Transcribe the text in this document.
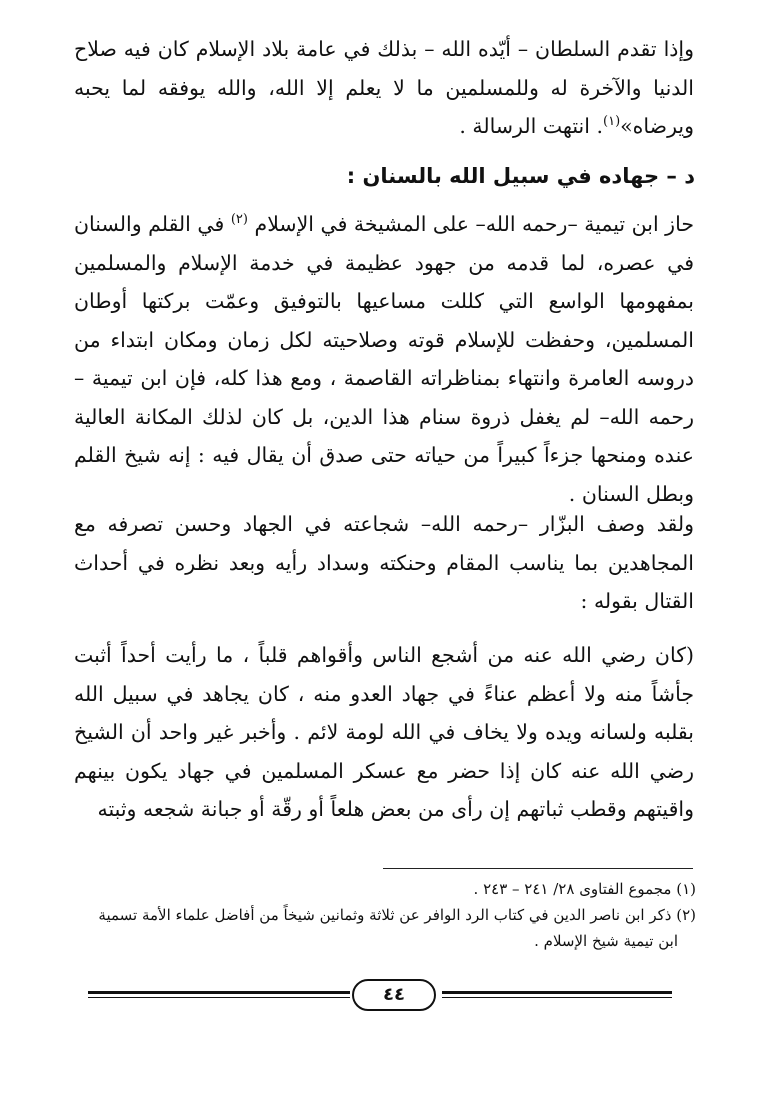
وإذا تقدم السلطان – أيّده الله – بذلك في عامة بلاد الإسلام كان فيه صلاح الدنيا والآخرة له وللمسلمين ما لا يعلم إلا الله، والله يوفقه لما يحبه ويرضاه»$^{(١)}$. انتهت الرسالة .
د – جهاده في سبيل الله بالسنان :
حاز ابن تيمية –رحمه الله– على المشيخة في الإسلام $^{(٢)}$ في القلم والسنان في عصره، لما قدمه من جهود عظيمة في خدمة الإسلام والمسلمين بمفهومها الواسع التي كللت مساعيها بالتوفيق وعمّت بركتها أوطان المسلمين، وحفظت للإسلام قوته وصلاحيته لكل زمان ومكان ابتداء من دروسه العامرة وانتهاء بمناظراته القاصمة ، ومع هذا كله، فإن ابن تيمية –رحمه الله– لم يغفل ذروة سنام هذا الدين، بل كان لذلك المكانة العالية عنده ومنحها جزءاً كبيراً من حياته حتى صدق أن يقال فيه : إنه شيخ القلم وبطل السنان .
ولقد وصف البزّار –رحمه الله– شجاعته في الجهاد وحسن تصرفه مع المجاهدين بما يناسب المقام وحنكته وسداد رأيه وبعد نظره في أحداث القتال بقوله :
(كان رضي الله عنه من أشجع الناس وأقواهم قلباً ، ما رأيت أحداً أثبت جأشاً منه ولا أعظم عناءً في جهاد العدو منه ، كان يجاهد في سبيل الله بقلبه ولسانه ويده ولا يخاف في الله لومة لائم . وأخبر غير واحد أن الشيخ رضي الله عنه كان إذا حضر مع عسكر المسلمين في جهاد يكون بينهم واقيتهم وقطب ثباتهم إن رأى من بعض هلعاً أو رقّة أو جبانة شجعه وثبته

(١) مجموع الفتاوى ٢٨/ ٢٤١ – ٢٤٣ .

(٢) ذكر ابن ناصر الدين في كتاب الرد الوافر عن ثلاثة وثمانين شيخاً من أفاضل علماء الأمة تسمية

ابن تيمية شيخ الإسلام .

٤٤
